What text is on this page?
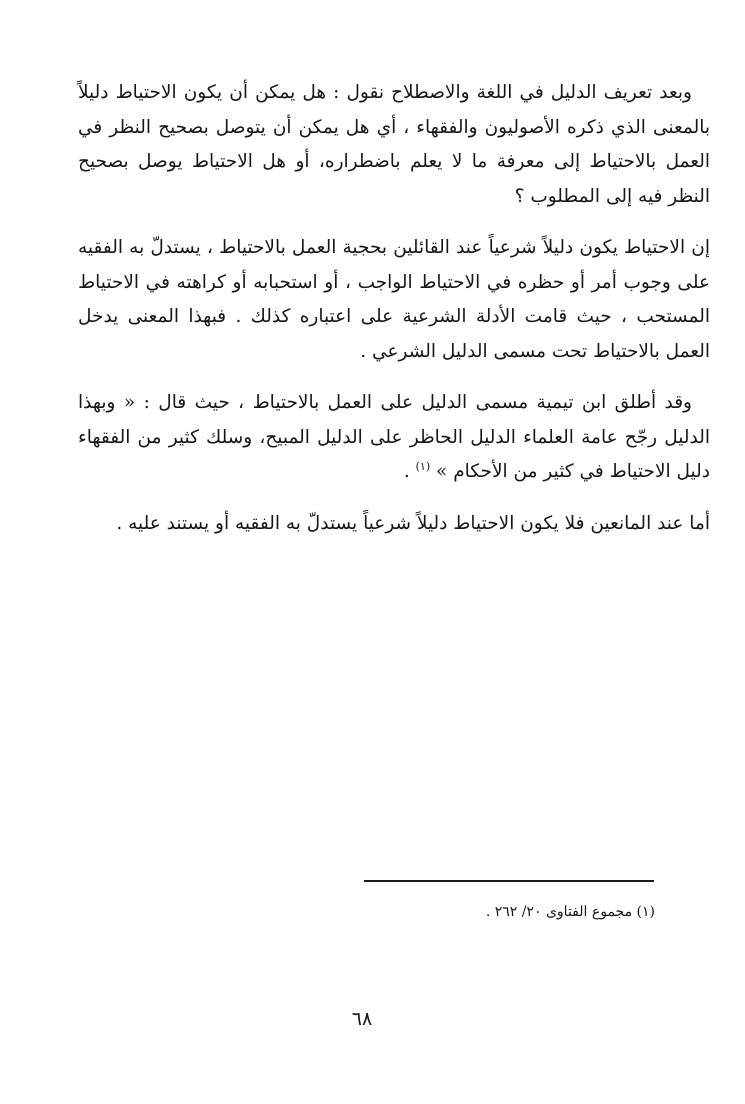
وبعد تعريف الدليل في اللغة والاصطلاح نقول : هل يمكن أن يكون الاحتياط دليلاً بالمعنى الذي ذكره الأصوليون والفقهاء ، أي هل يمكن أن يتوصل بصحيح النظر في العمل بالاحتياط إلى معرفة ما لا يعلم باضطراره، أو هل الاحتياط يوصل بصحيح النظر فيه إلى المطلوب ؟

إن الاحتياط يكون دليلاً شرعياً عند القائلين بحجية العمل بالاحتياط ، يستدلّ به الفقيه على وجوب أمر أو حظره في الاحتياط الواجب ، أو استحبابه أو كراهته في الاحتياط المستحب ، حيث قامت الأدلة الشرعية على اعتباره كذلك . فبهذا المعنى يدخل العمل بالاحتياط تحت مسمى الدليل الشرعي .

وقد أطلق ابن تيمية مسمى الدليل على العمل بالاحتياط ، حيث قال : « وبهذا الدليل رجّح عامة العلماء الدليل الحاظر على الدليل المبيح، وسلك كثير من الفقهاء دليل الاحتياط في كثير من الأحكام » $^{(١)}$ .

أما عند المانعين فلا يكون الاحتياط دليلاً شرعياً يستدلّ به الفقيه أو يستند عليه .

(١) مجموع الفتاوى ٢٠/ ٢٦٢ .
٦٨
